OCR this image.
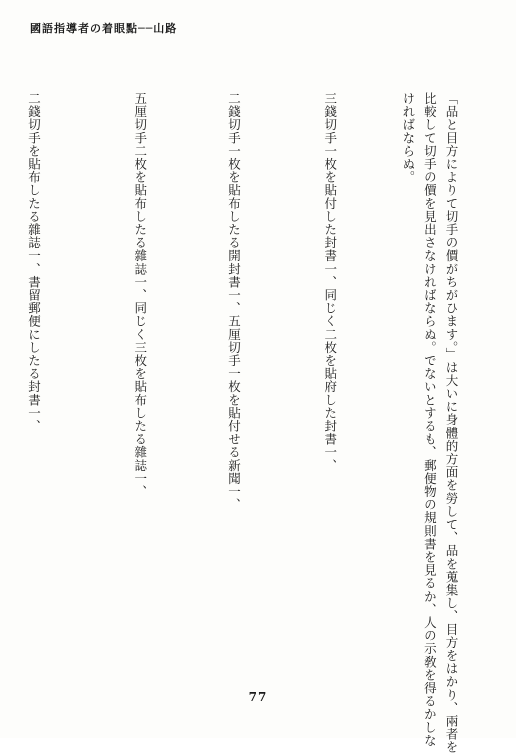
國語指導者の着眼點──山路
「品と目方によりて切手の價がちがひます。」は大いに身體的方面を勞して、品を蒐集し、目方をはかり、兩者を
比較して切手の價を見出さなければならぬ。でないとするも、郵便物の規則書を見るか、人の示敎を得るかしな
ければならぬ。
三錢切手一枚を貼付した封書一、同じく二枚を貼府した封書一、
二錢切手一枚を貼布したる開封書一、五厘切手一枚を貼付せる新聞一、
五厘切手二枚を貼布したる雜誌一、同じく三枚を貼布したる雜誌一、
二錢切手を貼布したる雜誌一、書留郵便にしたる封書一、
77
